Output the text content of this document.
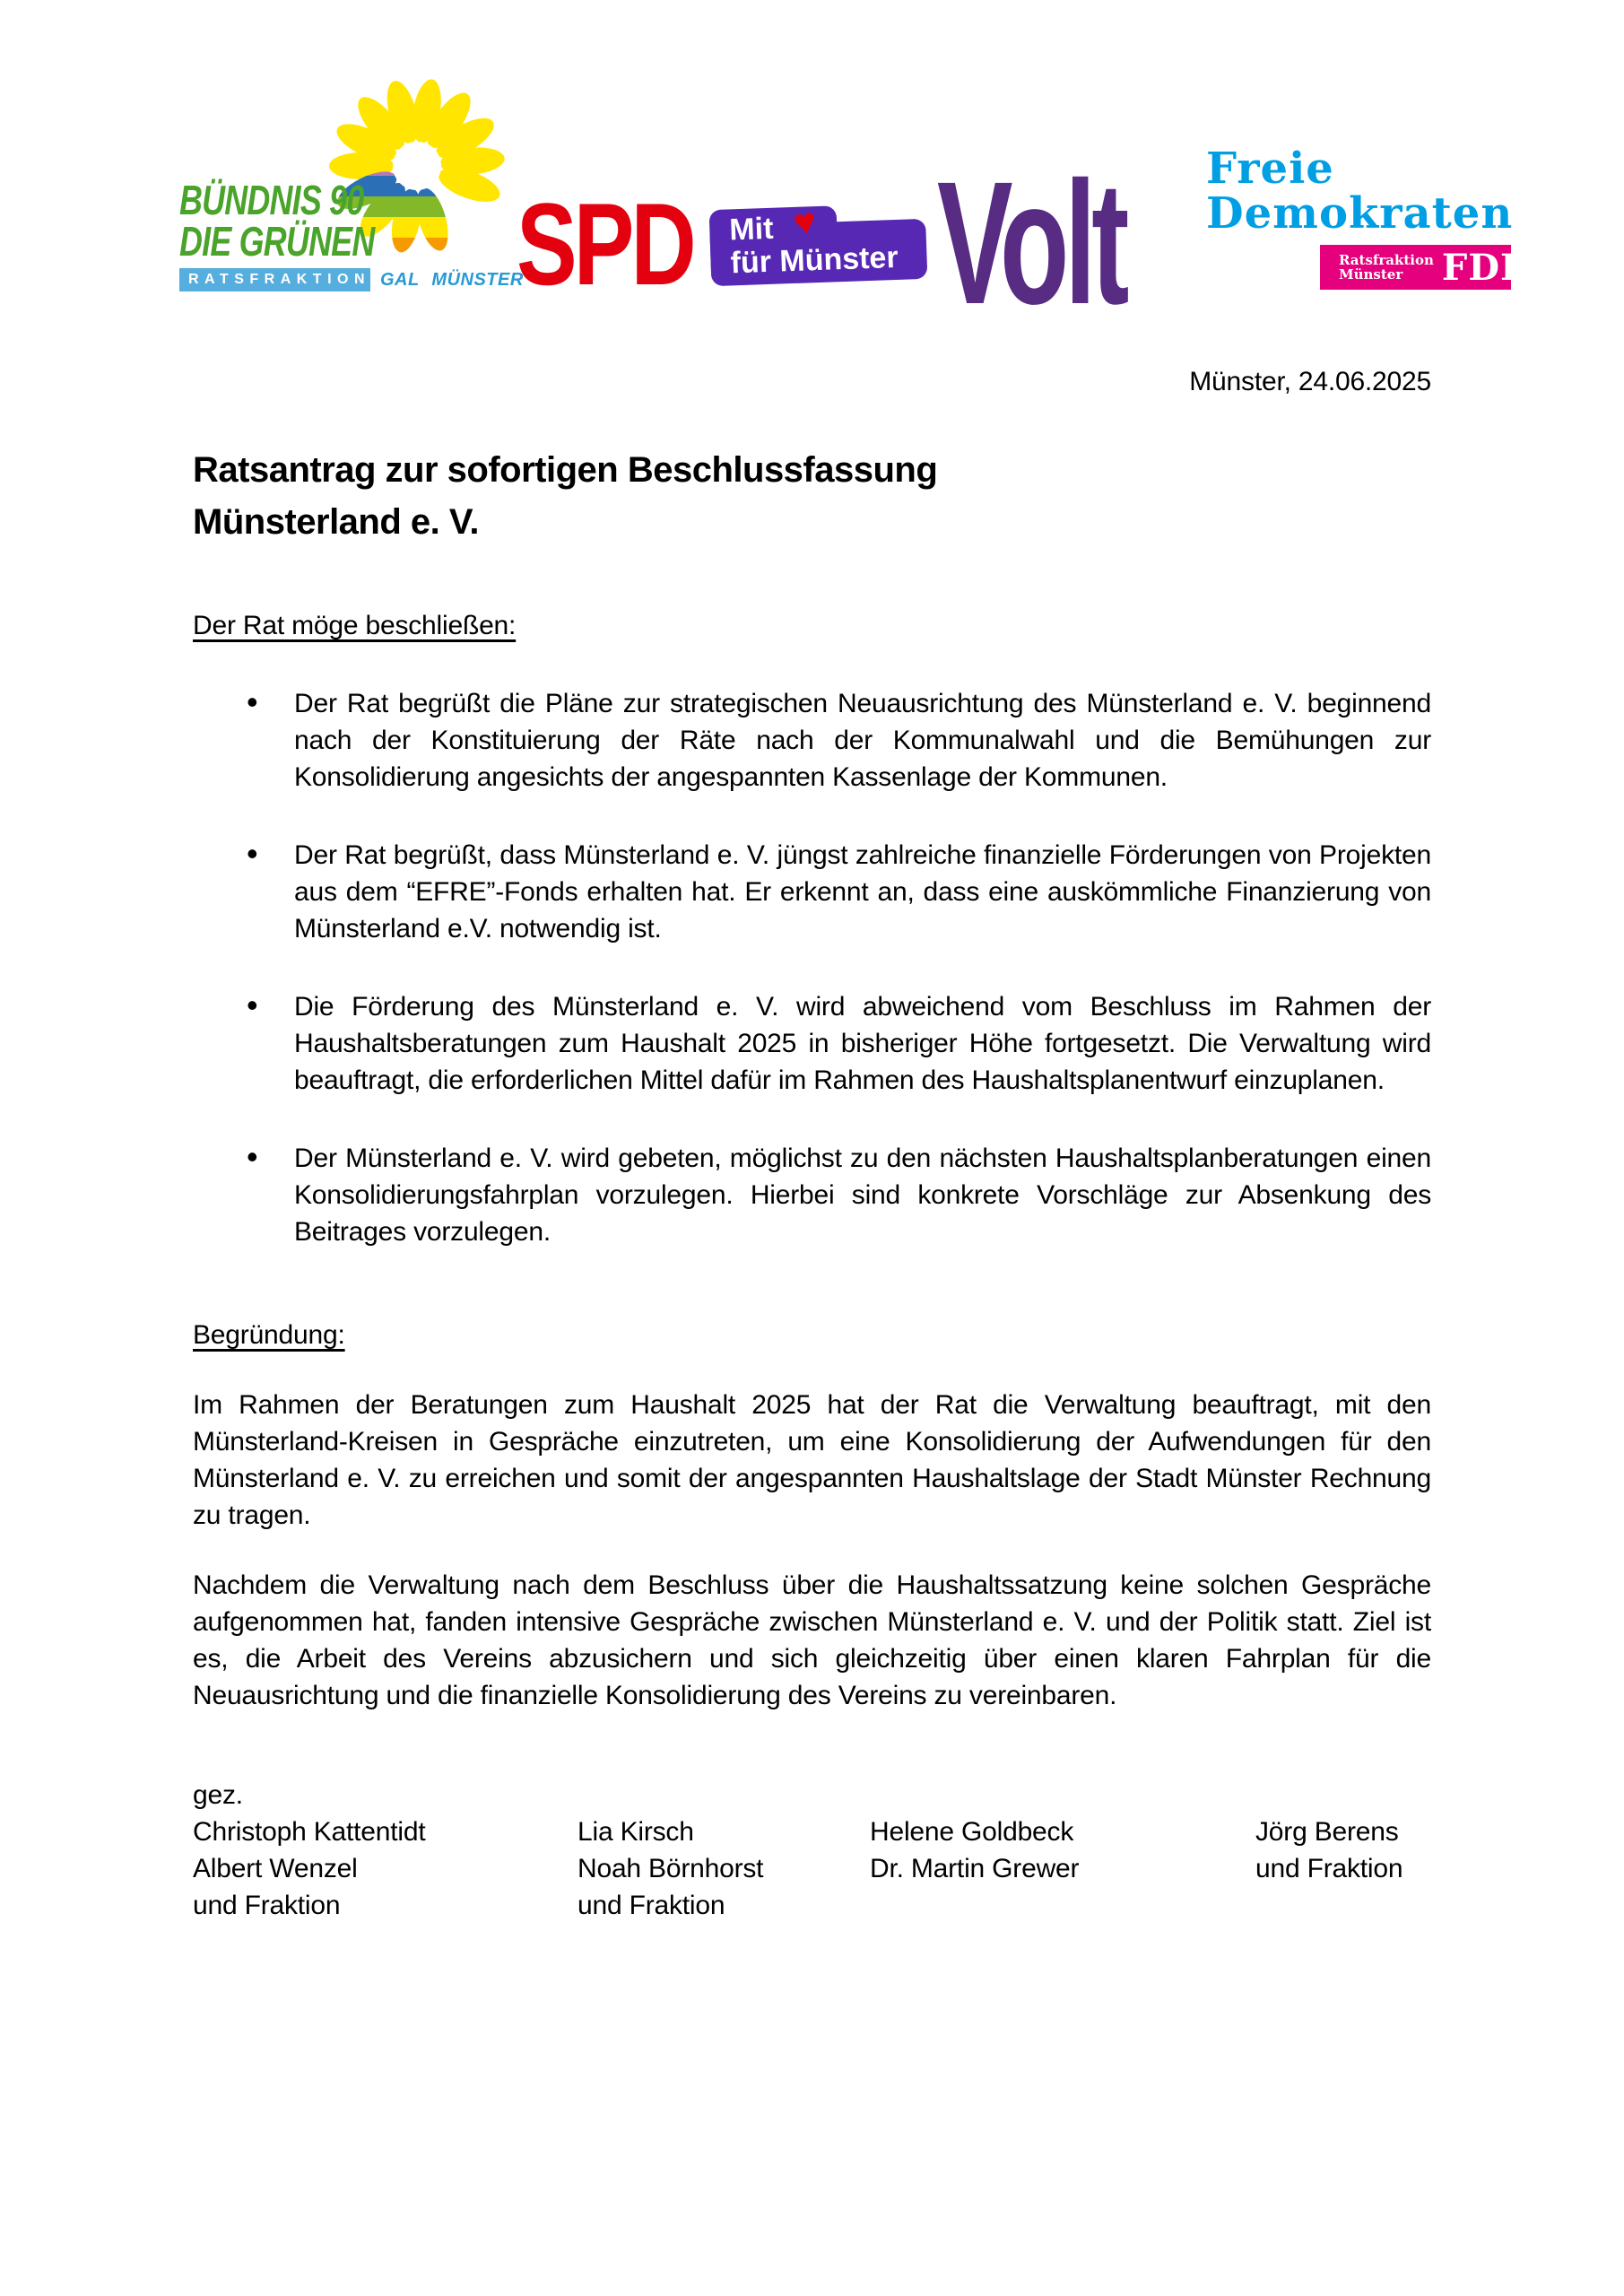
BÜNDNIS 90
DIE GRÜNEN
RATSFRAKTION GAL MÜNSTER
SPD Mit ♥
für Münster Volt Freie
Demokraten
Ratsfraktion
Münster	FDP
Münster, 24.06.2025
Ratsantrag zur sofortigen Beschlussfassung
Münsterland e. V.
Der Rat möge beschließen:
• Der Rat begrüßt die Pläne zur strategischen Neuausrichtung des Münsterland e. V. beginnend nach der Konstituierung der Räte nach der Kommunalwahl und die Bemühungen zur Konsolidierung angesichts der angespannten Kassenlage der Kommunen.
• Der Rat begrüßt, dass Münsterland e. V. jüngst zahlreiche finanzielle Förderungen von Projekten aus dem “EFRE”-Fonds erhalten hat. Er erkennt an, dass eine auskömmliche Finanzierung von Münsterland e.V. notwendig ist.
• Die Förderung des Münsterland e. V. wird abweichend vom Beschluss im Rahmen der Haushaltsberatungen zum Haushalt 2025 in bisheriger Höhe fortgesetzt. Die Verwaltung wird beauftragt, die erforderlichen Mittel dafür im Rahmen des Haushaltsplanentwurf einzuplanen.
• Der Münsterland e. V. wird gebeten, möglichst zu den nächsten Haushaltsplanberatungen einen Konsolidierungsfahrplan vorzulegen. Hierbei sind konkrete Vorschläge zur Absenkung des Beitrages vorzulegen.
Begründung:
Im Rahmen der Beratungen zum Haushalt 2025 hat der Rat die Verwaltung beauftragt, mit den Münsterland-Kreisen in Gespräche einzutreten, um eine Konsolidierung der Aufwendungen für den Münsterland e. V. zu erreichen und somit der angespannten Haushaltslage der Stadt Münster Rechnung zu tragen.
Nachdem die Verwaltung nach dem Beschluss über die Haushaltssatzung keine solchen Gespräche aufgenommen hat, fanden intensive Gespräche zwischen Münsterland e. V. und der Politik statt. Ziel ist es, die Arbeit des Vereins abzusichern und sich gleichzeitig über einen klaren Fahrplan für die Neuausrichtung und die finanzielle Konsolidierung des Vereins zu vereinbaren.
gez.
Christoph Kattentidt
Albert Wenzel
und Fraktion
Lia Kirsch
Noah Börnhorst
und Fraktion
Helene Goldbeck
Dr. Martin Grewer
Jörg Berens
und Fraktion
